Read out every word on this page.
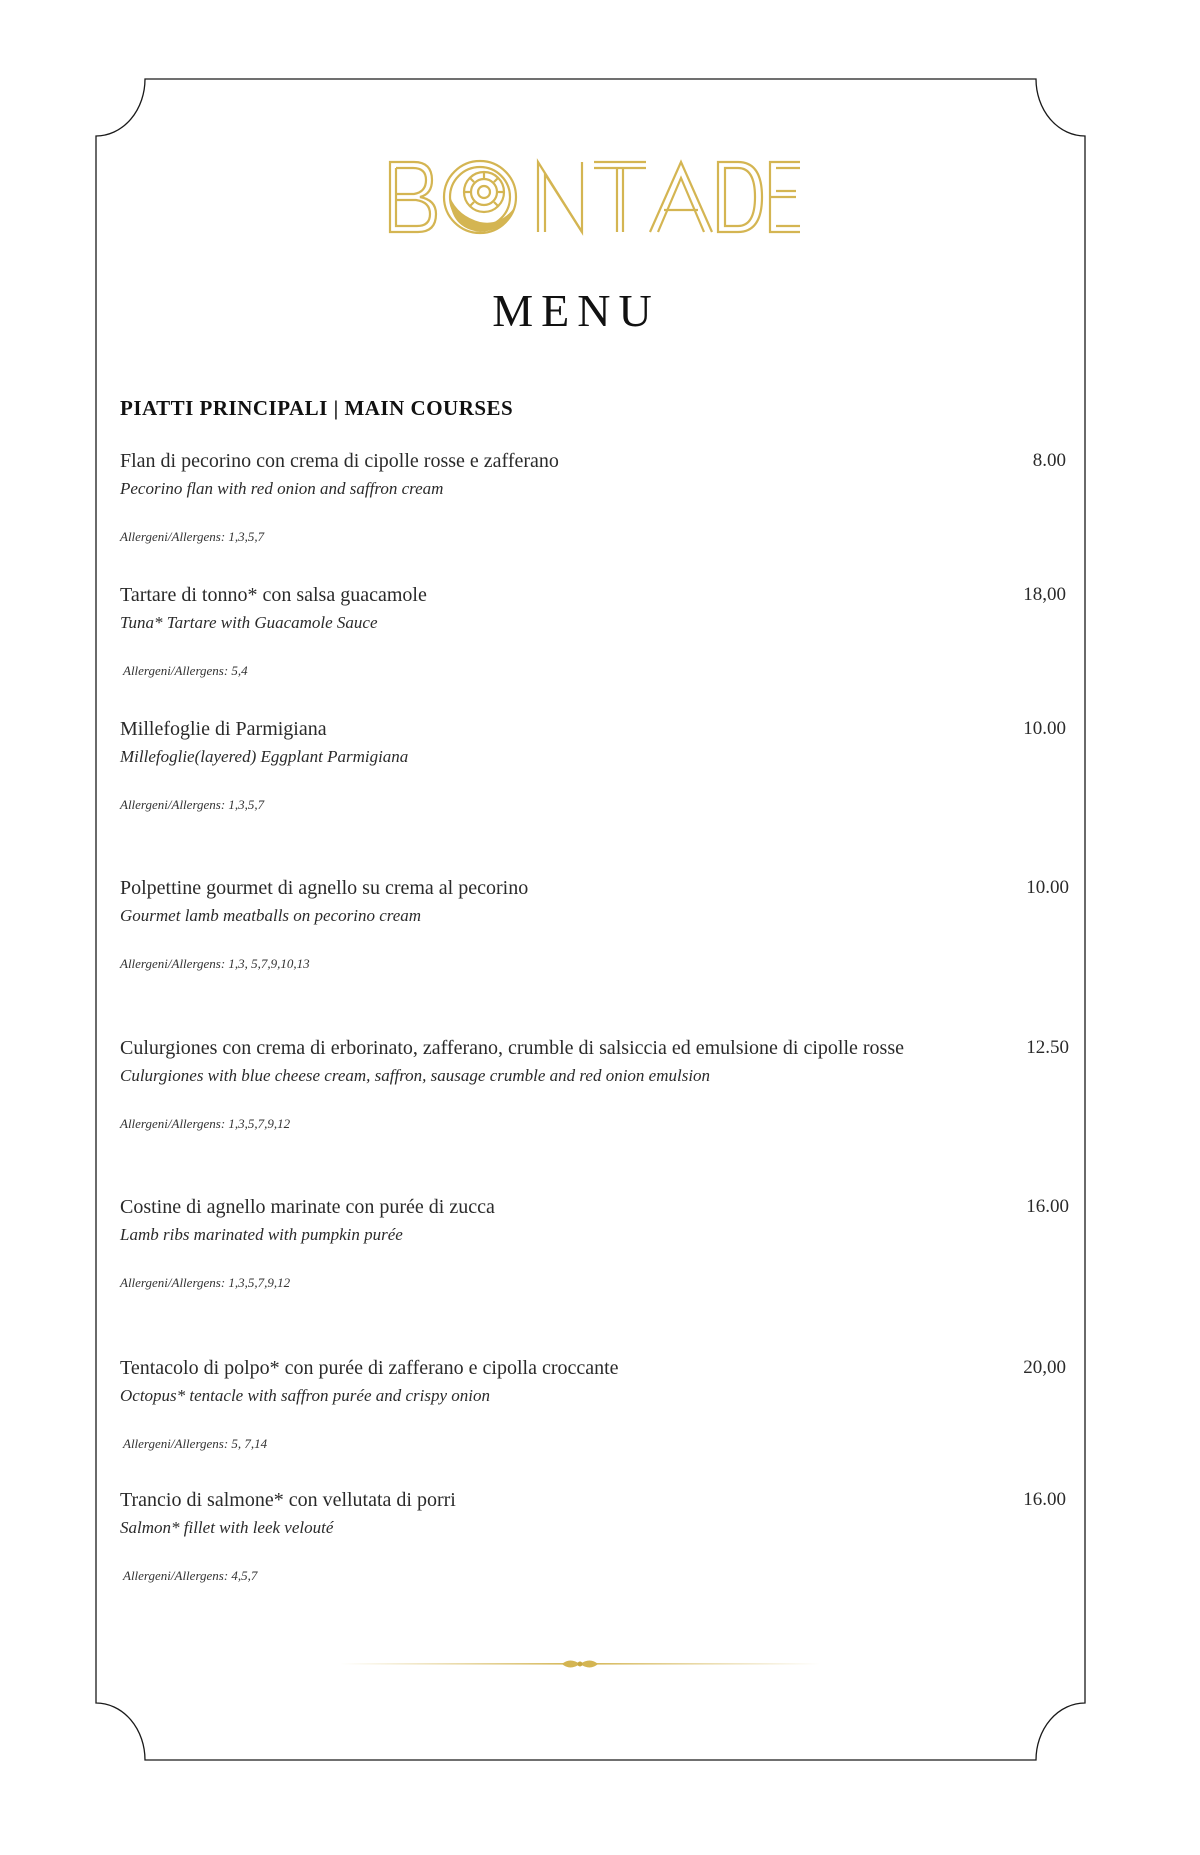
MENU
PIATTI PRINCIPALI | MAIN COURSES
Flan di pecorino con crema di cipolle rosse e zafferano	8.00
Pecorino flan with red onion and saffron cream
Allergeni/Allergens: 1,3,5,7
Tartare di tonno* con salsa guacamole	18,00
Tuna* Tartare with Guacamole Sauce
Allergeni/Allergens: 5,4
Millefoglie di Parmigiana	10.00
Millefoglie(layered) Eggplant Parmigiana
Allergeni/Allergens: 1,3,5,7
Polpettine gourmet di agnello su crema al pecorino	10.00
Gourmet lamb meatballs on pecorino cream
Allergeni/Allergens: 1,3, 5,7,9,10,13
Culurgiones con crema di erborinato, zafferano, crumble di salsiccia ed emulsione di cipolle rosse	12.50
Culurgiones with blue cheese cream, saffron, sausage crumble and red onion emulsion
Allergeni/Allergens: 1,3,5,7,9,12
Costine di agnello marinate con purée di zucca	16.00
Lamb ribs marinated with pumpkin purée
Allergeni/Allergens: 1,3,5,7,9,12
Tentacolo di polpo* con purée di zafferano e cipolla croccante	20,00
Octopus* tentacle with saffron purée and crispy onion
Allergeni/Allergens: 5, 7,14
Trancio di salmone* con vellutata di porri	16.00
Salmon* fillet with leek velouté
Allergeni/Allergens: 4,5,7
